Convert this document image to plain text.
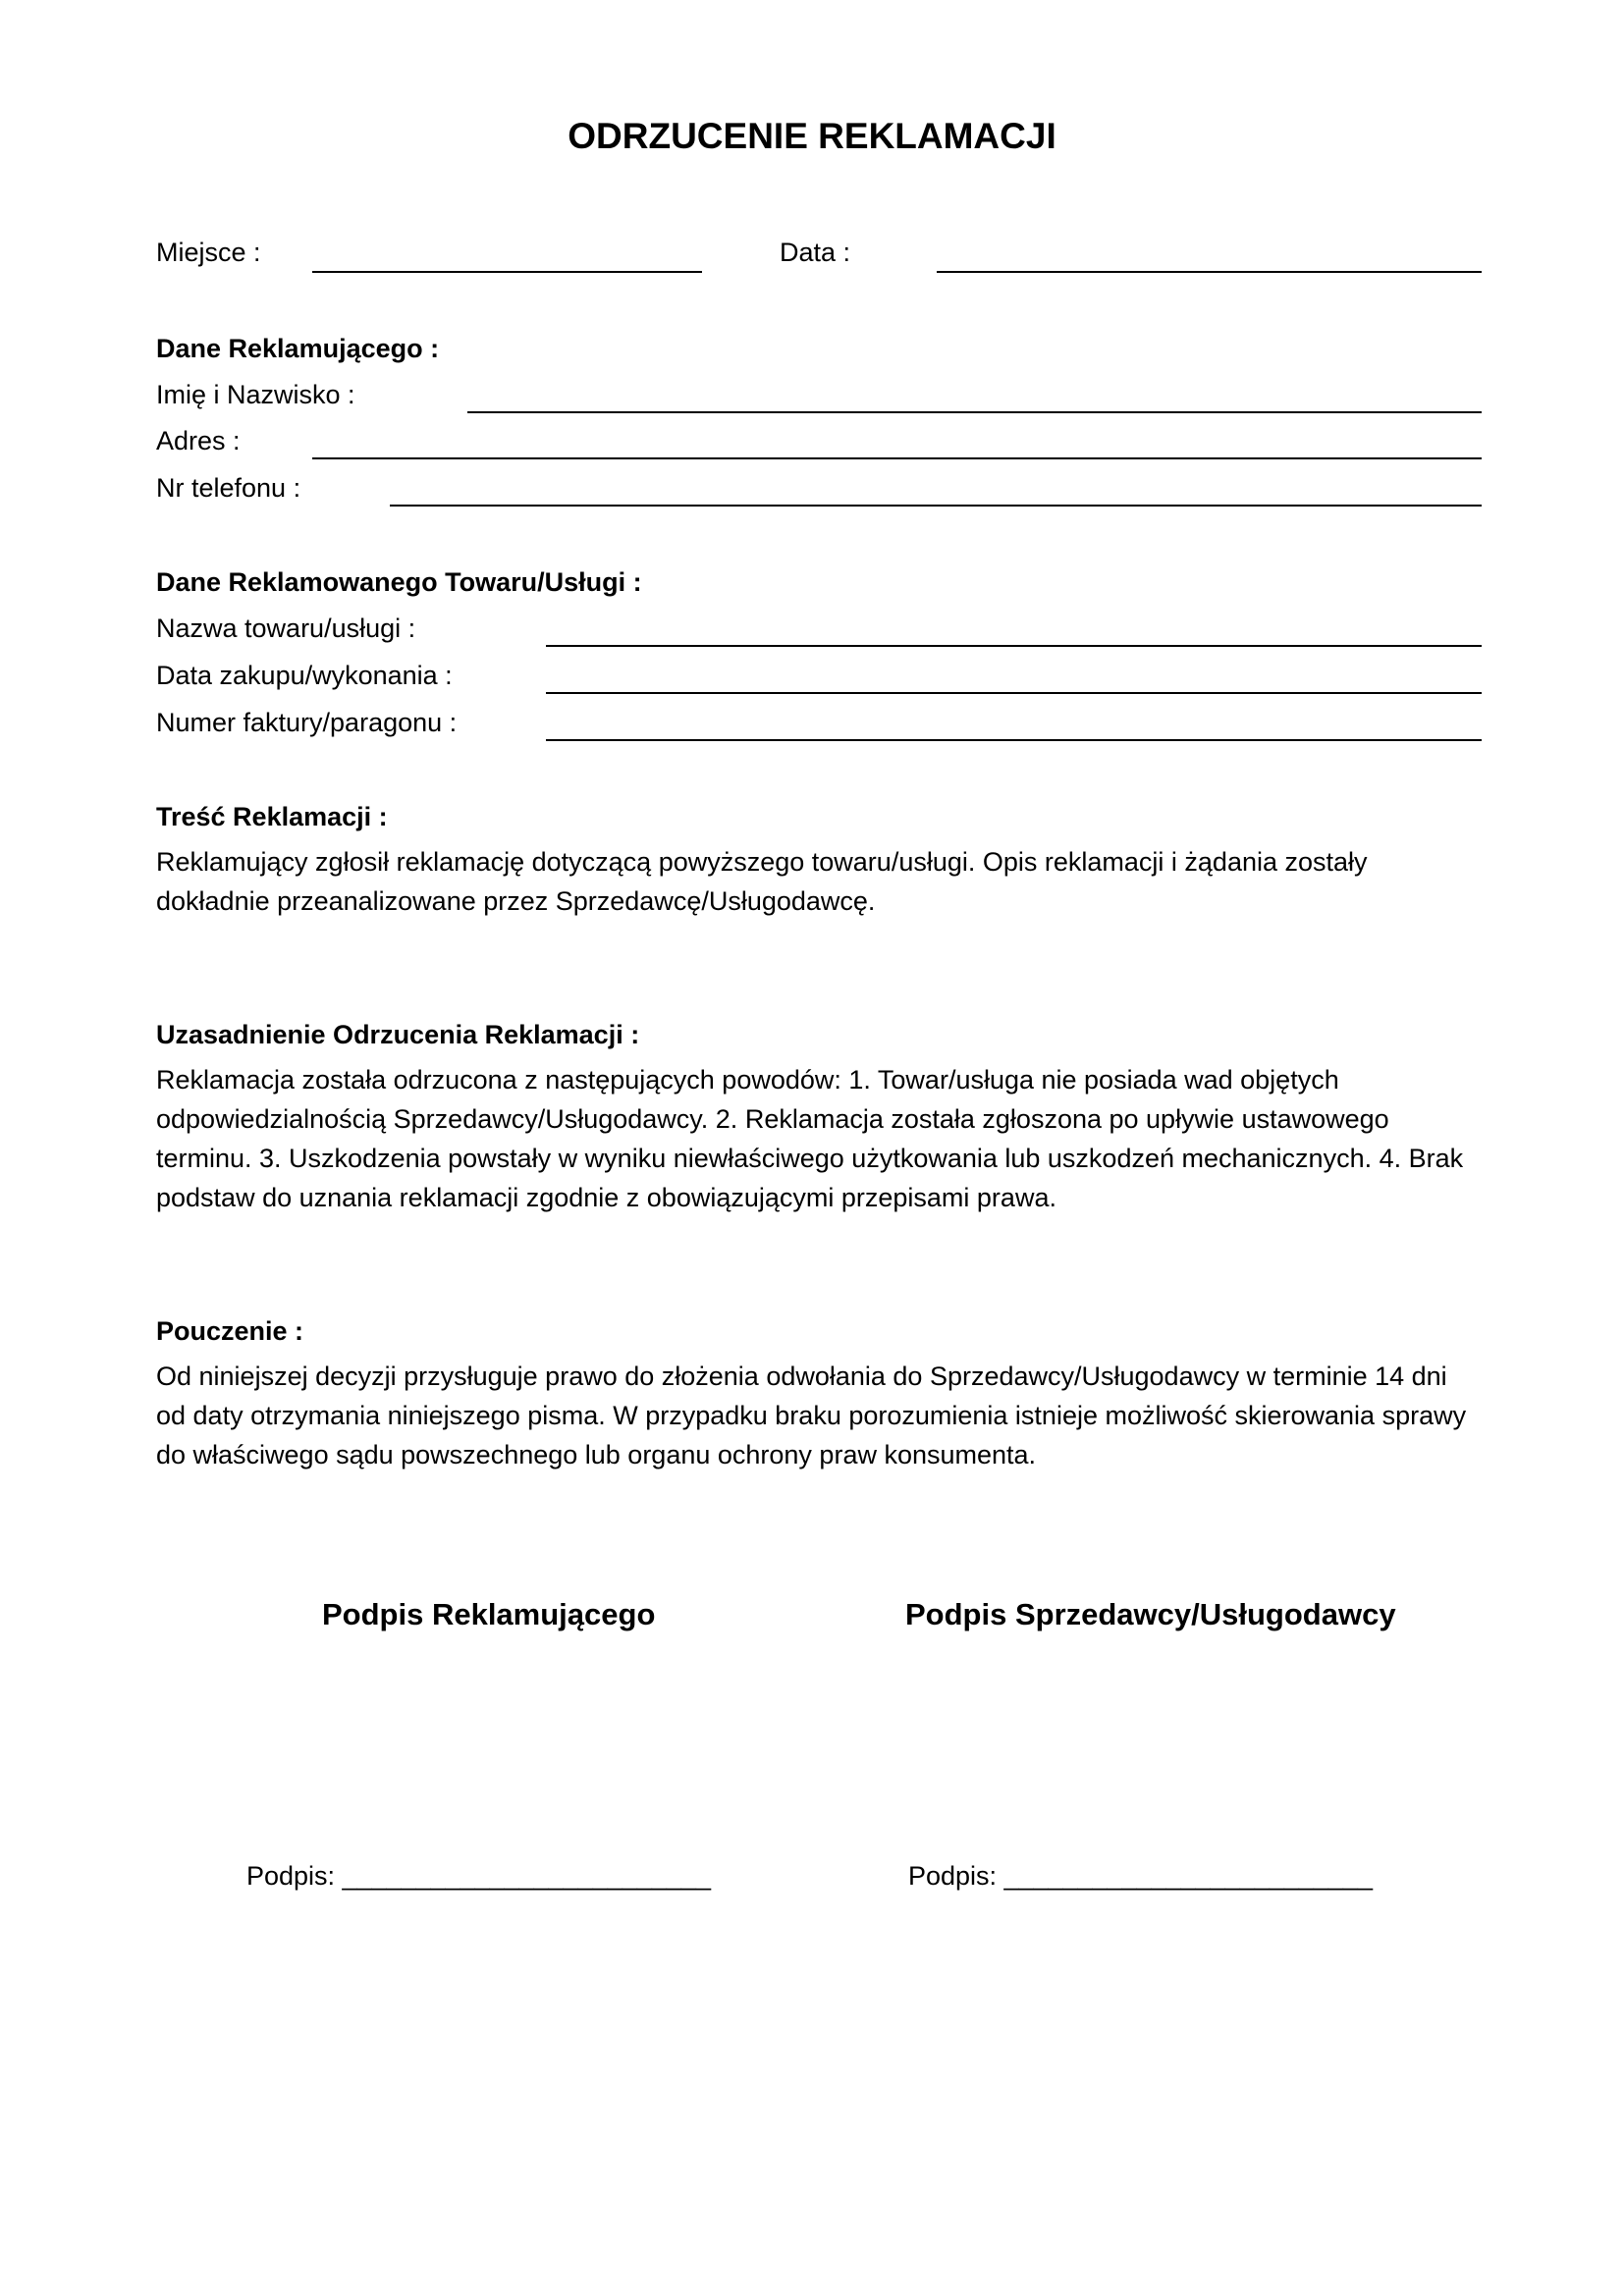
ODRZUCENIE REKLAMACJI
Miejsce :	Data :
Dane Reklamującego :
Imię i Nazwisko :
Adres :
Nr telefonu :
Dane Reklamowanego Towaru/Usługi :
Nazwa towaru/usługi :
Data zakupu/wykonania :
Numer faktury/paragonu :
Treść Reklamacji :
Reklamujący zgłosił reklamację dotyczącą powyższego towaru/usługi. Opis reklamacji i żądania zostały dokładnie przeanalizowane przez Sprzedawcę/Usługodawcę.
Uzasadnienie Odrzucenia Reklamacji :
Reklamacja została odrzucona z następujących powodów: 1. Towar/usługa nie posiada wad objętych odpowiedzialnością Sprzedawcy/Usługodawcy. 2. Reklamacja została zgłoszona po upływie ustawowego terminu. 3. Uszkodzenia powstały w wyniku niewłaściwego użytkowania lub uszkodzeń mechanicznych. 4. Brak podstaw do uznania reklamacji zgodnie z obowiązującymi przepisami prawa.
Pouczenie :
Od niniejszej decyzji przysługuje prawo do złożenia odwołania do Sprzedawcy/Usługodawcy w terminie 14 dni od daty otrzymania niniejszego pisma. W przypadku braku porozumienia istnieje możliwość skierowania sprawy do właściwego sądu powszechnego lub organu ochrony praw konsumenta.
Podpis Reklamującego	Podpis Sprzedawcy/Usługodawcy
Podpis: _________________________	Podpis: _________________________
